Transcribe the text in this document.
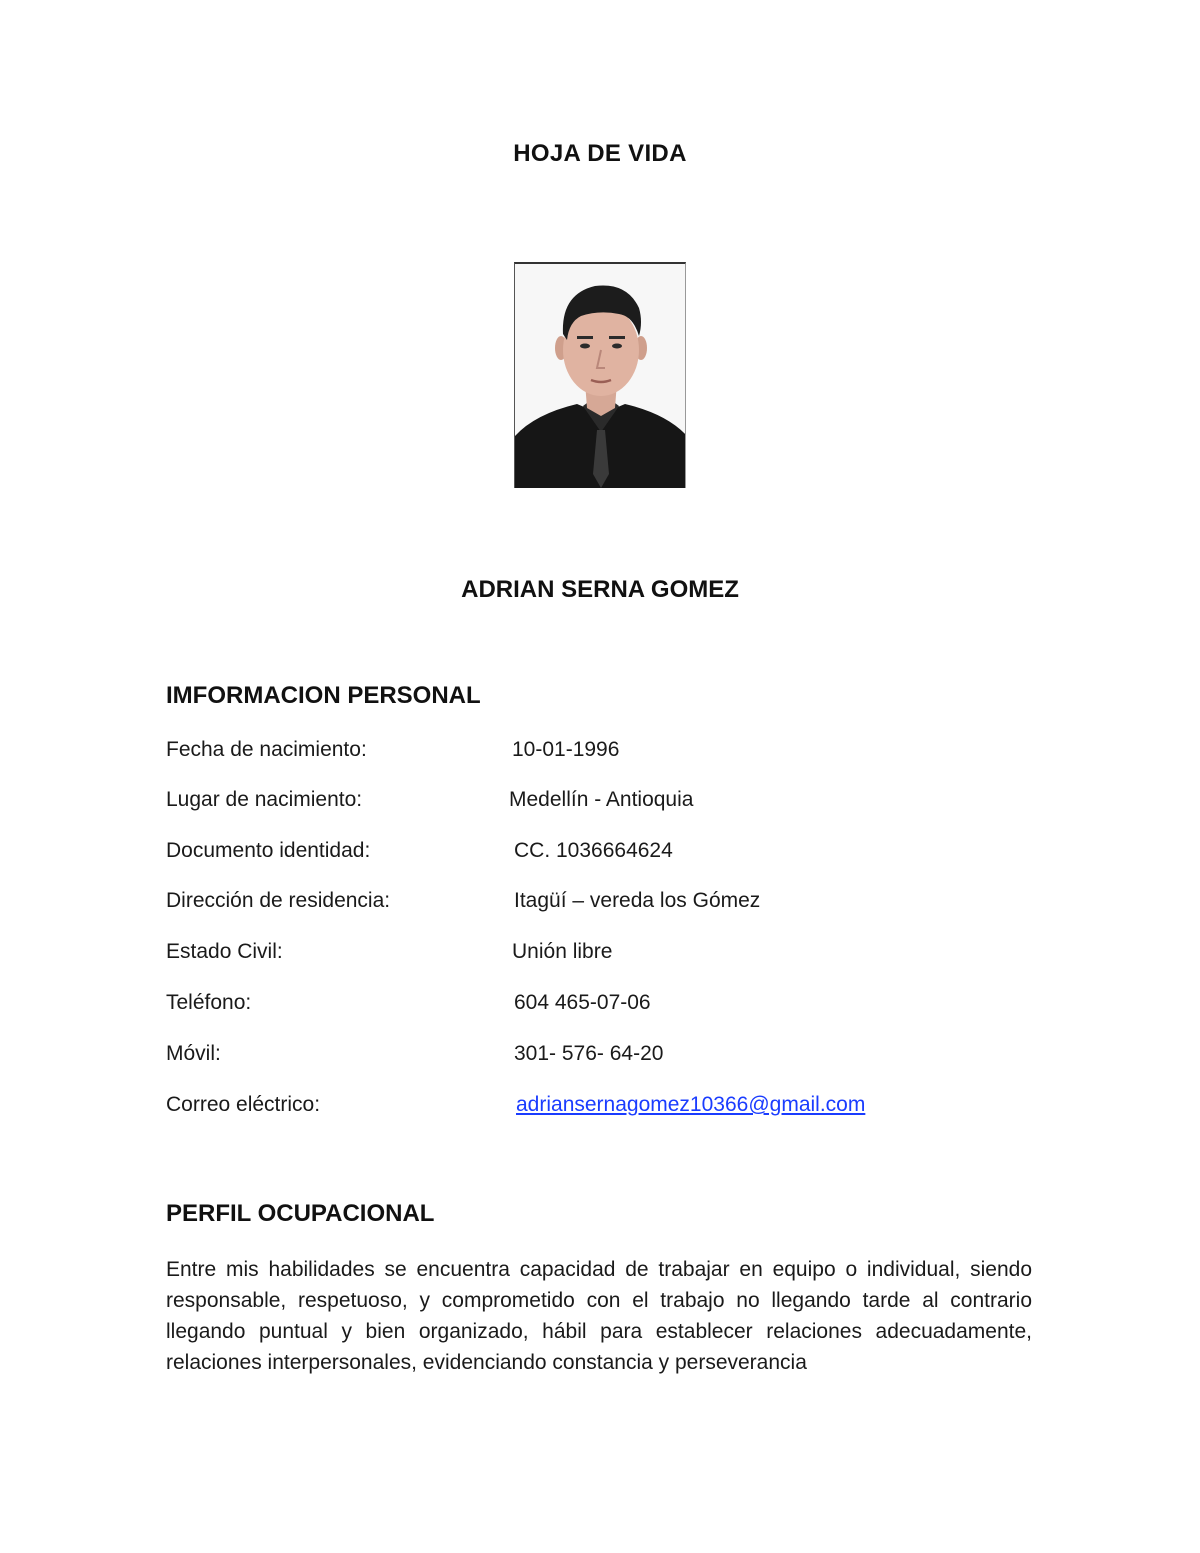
HOJA DE VIDA
ADRIAN SERNA GOMEZ
IMFORMACION PERSONAL
Fecha de nacimiento:	10-01-1996
Lugar de nacimiento:	Medellín - Antioquia
Documento identidad:	CC. 1036664624
Dirección de residencia:	Itagüí – vereda los Gómez
Estado Civil:	Unión libre
Teléfono:	604 465-07-06
Móvil:	301- 576- 64-20
Correo eléctrico:	adriansernagomez10366@gmail.com
PERFIL OCUPACIONAL
Entre mis habilidades se encuentra capacidad de trabajar en equipo o individual, siendo responsable, respetuoso, y comprometido con el trabajo no llegando tarde al contrario llegando puntual y bien organizado, hábil para establecer relaciones adecuadamente, relaciones interpersonales, evidenciando constancia y perseverancia
